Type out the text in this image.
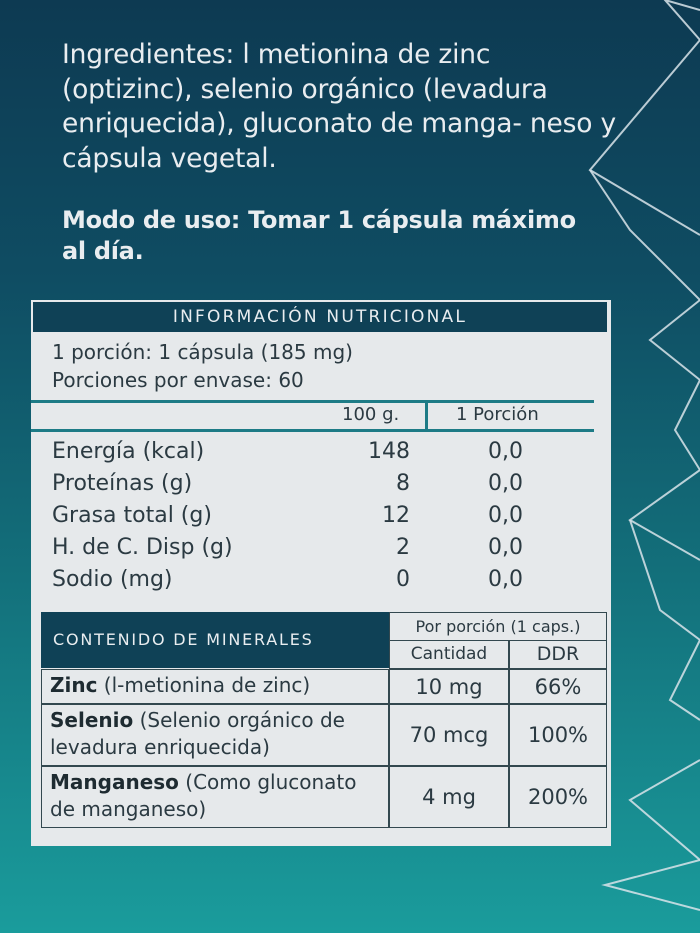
Ingredientes: l metionina de zinc (optizinc), selenio orgánico (levadura enriquecida), gluconato de manga- neso y cápsula vegetal.

Modo de uso: Tomar 1 cápsula máximo al día.

INFORMACIÓN NUTRICIONAL
1 porción: 1 cápsula (185 mg)
Porciones por envase: 60
100 g.	1 Porción
Energía (kcal)	148	0,0
Proteínas (g)	8	0,0
Grasa total (g)	12	0,0
H. de C. Disp (g)	2	0,0
Sodio (mg)	0	0,0
CONTENIDO DE MINERALES
Por porción (1 caps.)
Cantidad	DDR
Zinc (l-metionina de zinc)	10 mg	66%
Selenio (Selenio orgánico de levadura enriquecida)	70 mcg	100%
Manganeso (Como gluconato de manganeso)	4 mg	200%
